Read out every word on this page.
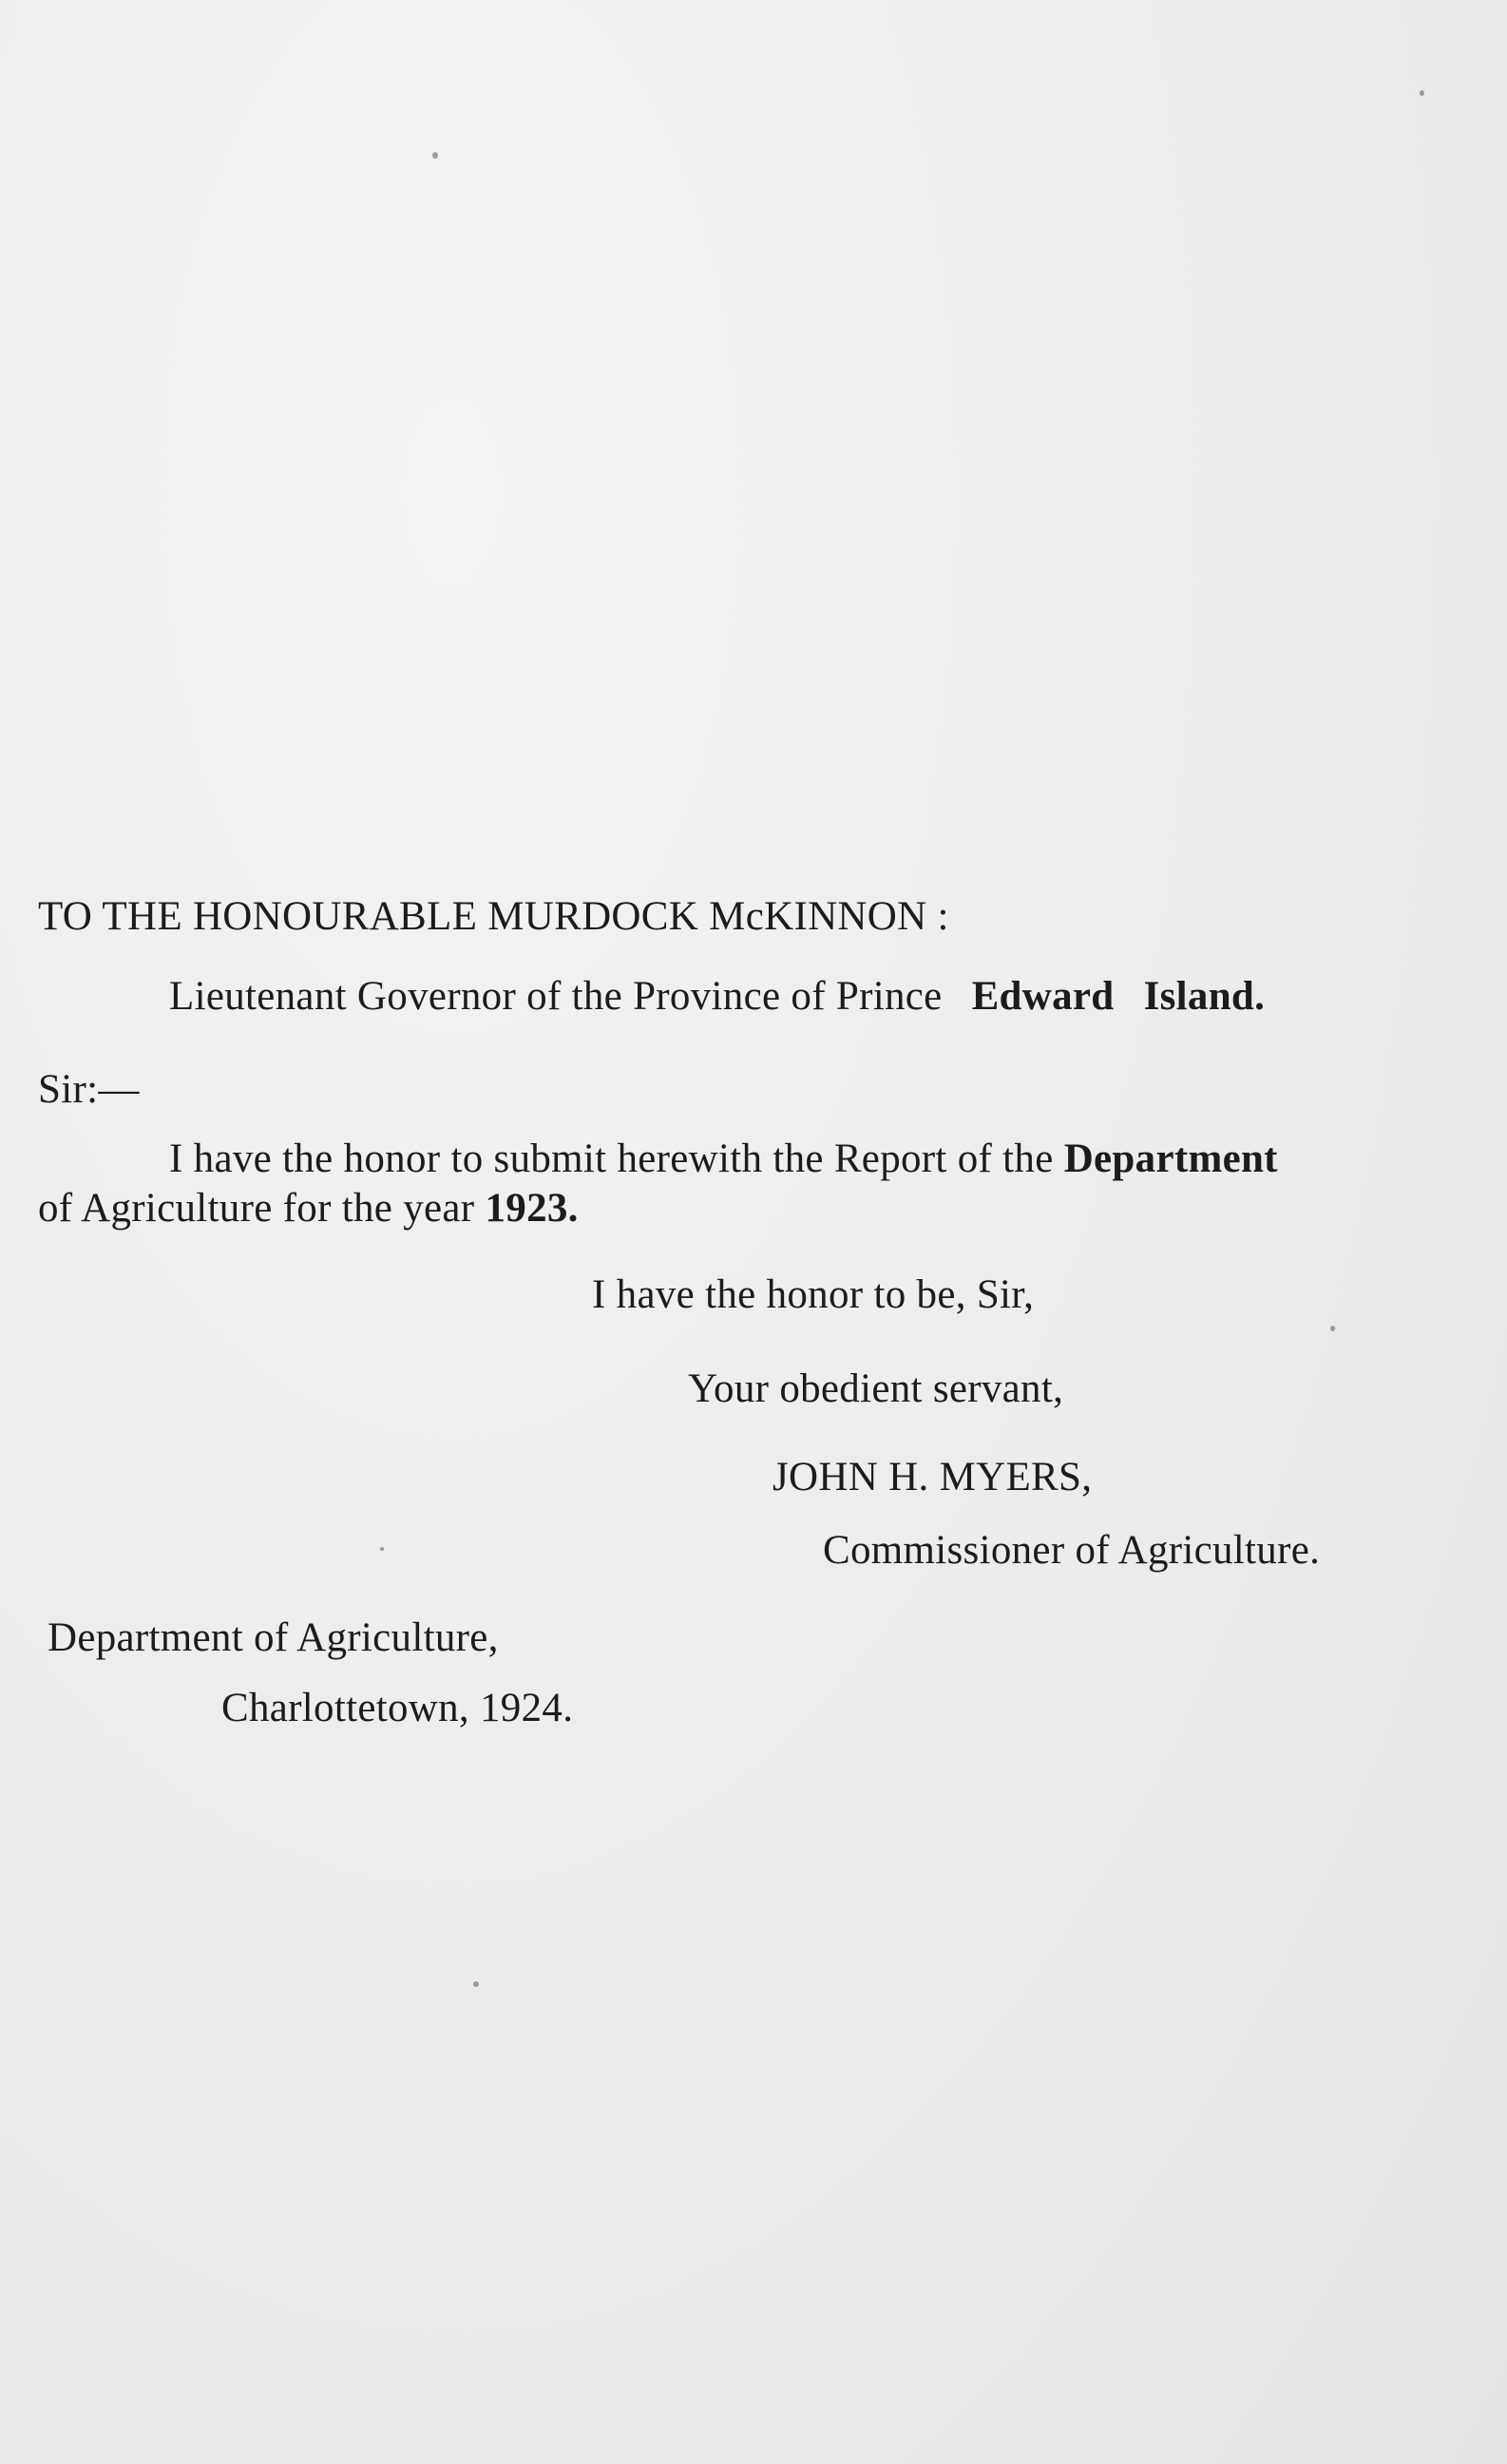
TO THE HONOURABLE MURDOCK McKINNON :
Lieutenant Governor of the Province of Prince Edward Island.
Sir:—
I have the honor to submit herewith the Report of the Department
of Agriculture for the year 1923.
I have the honor to be, Sir,
Your obedient servant,
JOHN H. MYERS,
Commissioner of Agriculture.
Department of Agriculture,
Charlottetown, 1924.
